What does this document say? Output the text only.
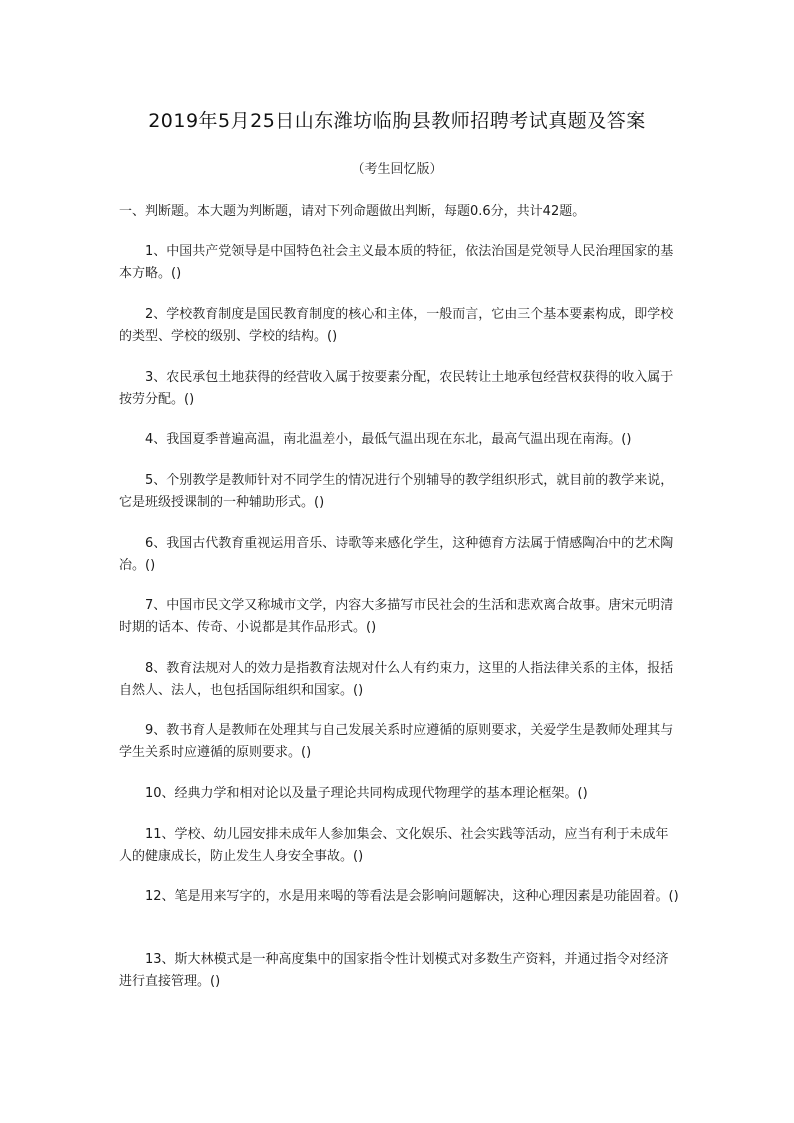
2019年5月25日山东潍坊临朐县教师招聘考试真题及答案

（考生回忆版）

一、判断题。本大题为判断题，请对下列命题做出判断，每题0.6分，共计42题。

1、中国共产党领导是中国特色社会主义最本质的特征，依法治国是党领导人民治理国家的基本方略。()

2、学校教育制度是国民教育制度的核心和主体，一般而言，它由三个基本要素构成，即学校的类型、学校的级别、学校的结构。()

3、农民承包土地获得的经营收入属于按要素分配，农民转让土地承包经营权获得的收入属于按劳分配。()

4、我国夏季普遍高温，南北温差小，最低气温出现在东北，最高气温出现在南海。()

5、个别教学是教师针对不同学生的情况进行个别辅导的教学组织形式，就目前的教学来说，它是班级授课制的一种辅助形式。()

6、我国古代教育重视运用音乐、诗歌等来感化学生，这种德育方法属于情感陶冶中的艺术陶冶。()

7、中国市民文学又称城市文学，内容大多描写市民社会的生活和悲欢离合故事。唐宋元明清时期的话本、传奇、小说都是其作品形式。()

8、教育法规对人的效力是指教育法规对什么人有约束力，这里的人指法律关系的主体，报括自然人、法人，也包括国际组织和国家。()

9、教书育人是教师在处理其与自己发展关系时应遵循的原则要求，关爱学生是教师处理其与学生关系时应遵循的原则要求。()

10、经典力学和相对论以及量子理论共同构成现代物理学的基本理论框架。()

11、学校、幼儿园安排未成年人参加集会、文化娱乐、社会实践等活动，应当有利于未成年人的健康成长，防止发生人身安全事故。()

12、笔是用来写字的，水是用来喝的等看法是会影响问题解决，这种心理因素是功能固着。()

13、斯大林模式是一种高度集中的国家指令性计划模式对多数生产资料，并通过指令对经济进行直接管理。()
